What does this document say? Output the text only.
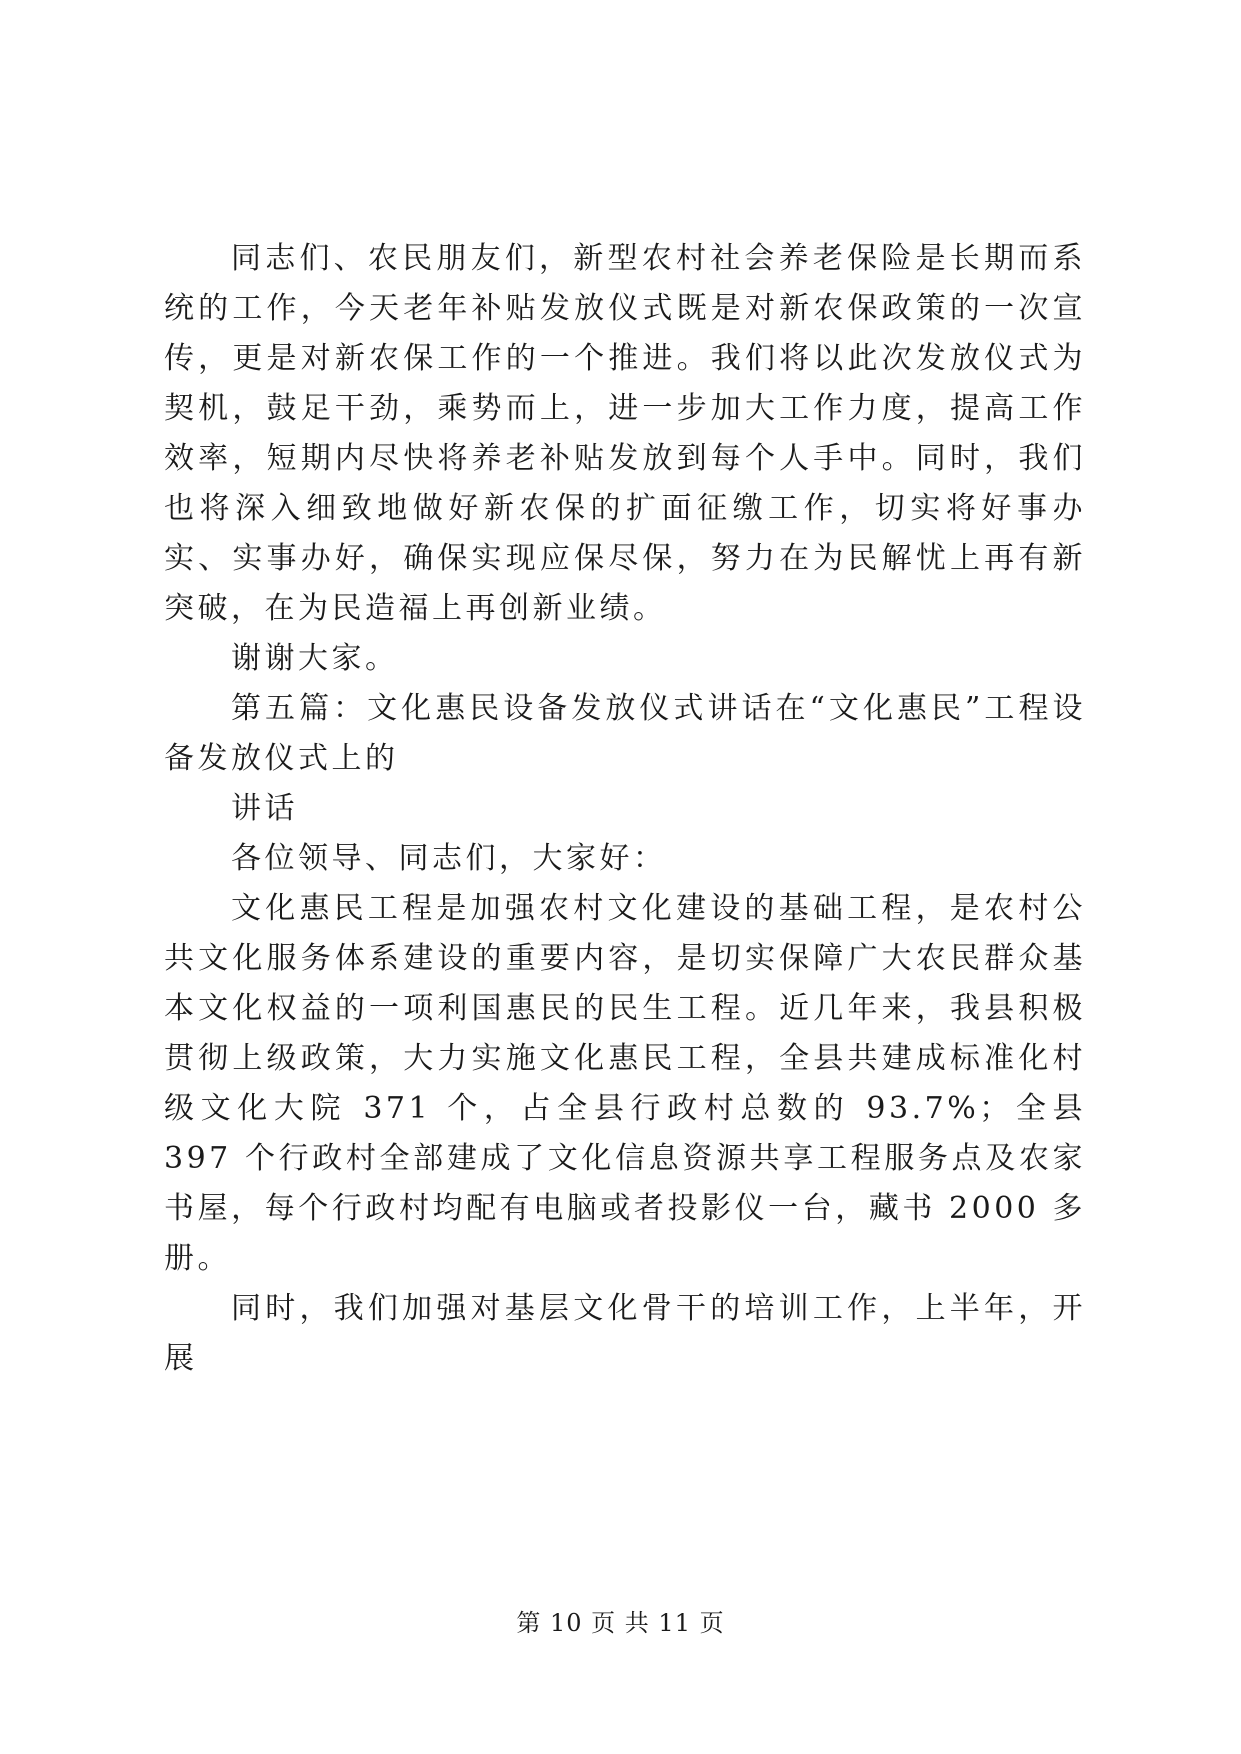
同志们、农民朋友们，新型农村社会养老保险是长期而系统的工作，今天老年补贴发放仪式既是对新农保政策的一次宣传，更是对新农保工作的一个推进。我们将以此次发放仪式为契机，鼓足干劲，乘势而上，进一步加大工作力度，提高工作效率，短期内尽快将养老补贴发放到每个人手中。同时，我们也将深入细致地做好新农保的扩面征缴工作，切实将好事办实、实事办好，确保实现应保尽保，努力在为民解忧上再有新突破，在为民造福上再创新业绩。

谢谢大家。

第五篇：文化惠民设备发放仪式讲话在“文化惠民”工程设备发放仪式上的

讲话

各位领导、同志们，大家好：

文化惠民工程是加强农村文化建设的基础工程，是农村公共文化服务体系建设的重要内容，是切实保障广大农民群众基本文化权益的一项利国惠民的民生工程。近几年来，我县积极贯彻上级政策，大力实施文化惠民工程，全县共建成标准化村级文化大院 371 个，占全县行政村总数的 93.7%；全县 397 个行政村全部建成了文化信息资源共享工程服务点及农家书屋，每个行政村均配有电脑或者投影仪一台，藏书 2000 多册。

同时，我们加强对基层文化骨干的培训工作，上半年，开展

第 10 页 共 11 页
